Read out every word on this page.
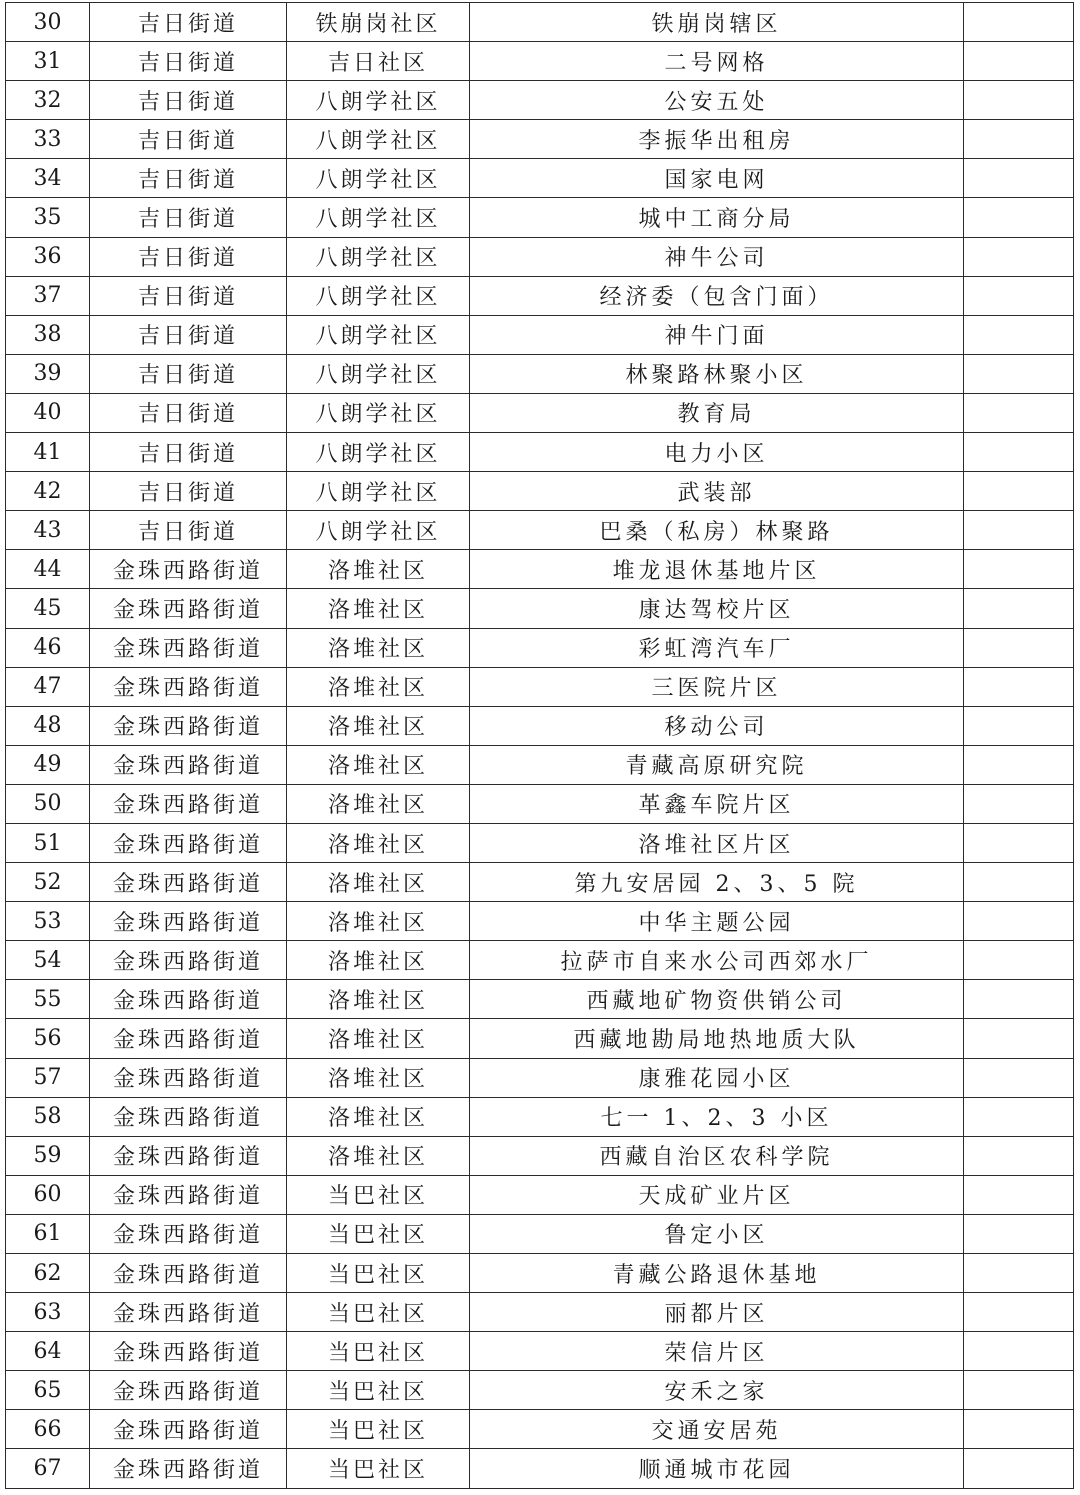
30	吉日街道	铁崩岗社区	铁崩岗辖区	
31	吉日街道	吉日社区	二号网格	
32	吉日街道	八朗学社区	公安五处	
33	吉日街道	八朗学社区	李振华出租房	
34	吉日街道	八朗学社区	国家电网	
35	吉日街道	八朗学社区	城中工商分局	
36	吉日街道	八朗学社区	神牛公司	
37	吉日街道	八朗学社区	经济委（包含门面）	
38	吉日街道	八朗学社区	神牛门面	
39	吉日街道	八朗学社区	林聚路林聚小区	
40	吉日街道	八朗学社区	教育局	
41	吉日街道	八朗学社区	电力小区	
42	吉日街道	八朗学社区	武装部	
43	吉日街道	八朗学社区	巴桑（私房）林聚路	
44	金珠西路街道	洛堆社区	堆龙退休基地片区	
45	金珠西路街道	洛堆社区	康达驾校片区	
46	金珠西路街道	洛堆社区	彩虹湾汽车厂	
47	金珠西路街道	洛堆社区	三医院片区	
48	金珠西路街道	洛堆社区	移动公司	
49	金珠西路街道	洛堆社区	青藏高原研究院	
50	金珠西路街道	洛堆社区	革鑫车院片区	
51	金珠西路街道	洛堆社区	洛堆社区片区	
52	金珠西路街道	洛堆社区	第九安居园 2、3、5 院	
53	金珠西路街道	洛堆社区	中华主题公园	
54	金珠西路街道	洛堆社区	拉萨市自来水公司西郊水厂	
55	金珠西路街道	洛堆社区	西藏地矿物资供销公司	
56	金珠西路街道	洛堆社区	西藏地勘局地热地质大队	
57	金珠西路街道	洛堆社区	康雅花园小区	
58	金珠西路街道	洛堆社区	七一 1、2、3 小区	
59	金珠西路街道	洛堆社区	西藏自治区农科学院	
60	金珠西路街道	当巴社区	天成矿业片区	
61	金珠西路街道	当巴社区	鲁定小区	
62	金珠西路街道	当巴社区	青藏公路退休基地	
63	金珠西路街道	当巴社区	丽都片区	
64	金珠西路街道	当巴社区	荣信片区	
65	金珠西路街道	当巴社区	安禾之家	
66	金珠西路街道	当巴社区	交通安居苑	
67	金珠西路街道	当巴社区	顺通城市花园	
